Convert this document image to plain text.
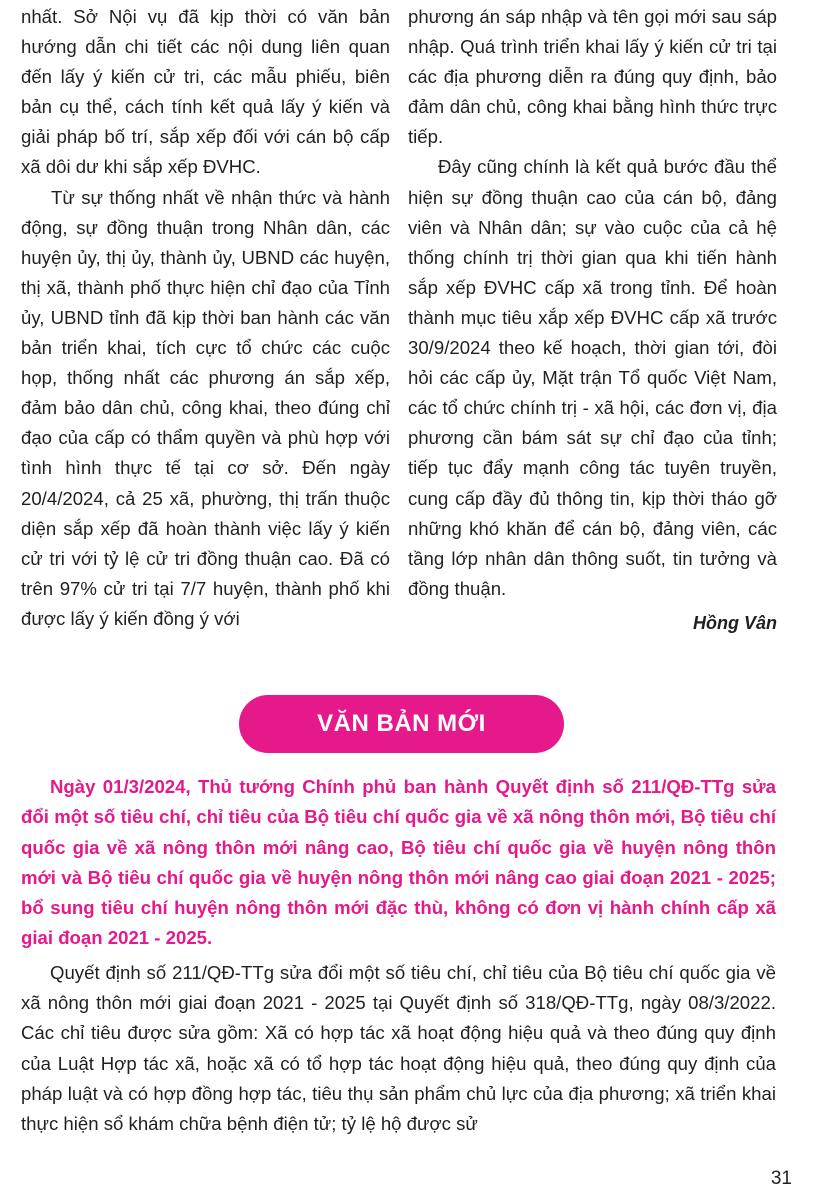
nhất. Sở Nội vụ đã kịp thời có văn bản hướng dẫn chi tiết các nội dung liên quan đến lấy ý kiến cử tri, các mẫu phiếu, biên bản cụ thể, cách tính kết quả lấy ý kiến và giải pháp bố trí, sắp xếp đối với cán bộ cấp xã dôi dư khi sắp xếp ĐVHC.

Từ sự thống nhất về nhận thức và hành động, sự đồng thuận trong Nhân dân, các huyện ủy, thị ủy, thành ủy, UBND các huyện, thị xã, thành phố thực hiện chỉ đạo của Tỉnh ủy, UBND tỉnh đã kịp thời ban hành các văn bản triển khai, tích cực tổ chức các cuộc họp, thống nhất các phương án sắp xếp, đảm bảo dân chủ, công khai, theo đúng chỉ đạo của cấp có thẩm quyền và phù hợp với tình hình thực tế tại cơ sở. Đến ngày 20/4/2024, cả 25 xã, phường, thị trấn thuộc diện sắp xếp đã hoàn thành việc lấy ý kiến cử tri với tỷ lệ cử tri đồng thuận cao. Đã có trên 97% cử tri tại 7/7 huyện, thành phố khi được lấy ý kiến đồng ý với

phương án sáp nhập và tên gọi mới sau sáp nhập. Quá trình triển khai lấy ý kiến cử tri tại các địa phương diễn ra đúng quy định, bảo đảm dân chủ, công khai bằng hình thức trực tiếp.

Đây cũng chính là kết quả bước đầu thể hiện sự đồng thuận cao của cán bộ, đảng viên và Nhân dân; sự vào cuộc của cả hệ thống chính trị thời gian qua khi tiến hành sắp xếp ĐVHC cấp xã trong tỉnh. Để hoàn thành mục tiêu xắp xếp ĐVHC cấp xã trước 30/9/2024 theo kế hoạch, thời gian tới, đòi hỏi các cấp ủy, Mặt trận Tổ quốc Việt Nam, các tổ chức chính trị - xã hội, các đơn vị, địa phương cần bám sát sự chỉ đạo của tỉnh; tiếp tục đẩy mạnh công tác tuyên truyền, cung cấp đầy đủ thông tin, kịp thời tháo gỡ những khó khăn để cán bộ, đảng viên, các tầng lớp nhân dân thông suốt, tin tưởng và đồng thuận.

Hồng Vân

VĂN BẢN MỚI

Ngày 01/3/2024, Thủ tướng Chính phủ ban hành Quyết định số 211/QĐ-TTg sửa đổi một số tiêu chí, chỉ tiêu của Bộ tiêu chí quốc gia về xã nông thôn mới, Bộ tiêu chí quốc gia về xã nông thôn mới nâng cao, Bộ tiêu chí quốc gia về huyện nông thôn mới và Bộ tiêu chí quốc gia về huyện nông thôn mới nâng cao giai đoạn 2021 - 2025; bổ sung tiêu chí huyện nông thôn mới đặc thù, không có đơn vị hành chính cấp xã giai đoạn 2021 - 2025.

Quyết định số 211/QĐ-TTg sửa đổi một số tiêu chí, chỉ tiêu của Bộ tiêu chí quốc gia về xã nông thôn mới giai đoạn 2021 - 2025 tại Quyết định số 318/QĐ-TTg, ngày 08/3/2022. Các chỉ tiêu được sửa gồm: Xã có hợp tác xã hoạt động hiệu quả và theo đúng quy định của Luật Hợp tác xã, hoặc xã có tổ hợp tác hoạt động hiệu quả, theo đúng quy định của pháp luật và có hợp đồng hợp tác, tiêu thụ sản phẩm chủ lực của địa phương; xã triển khai thực hiện sổ khám chữa bệnh điện tử; tỷ lệ hộ được sử

31
